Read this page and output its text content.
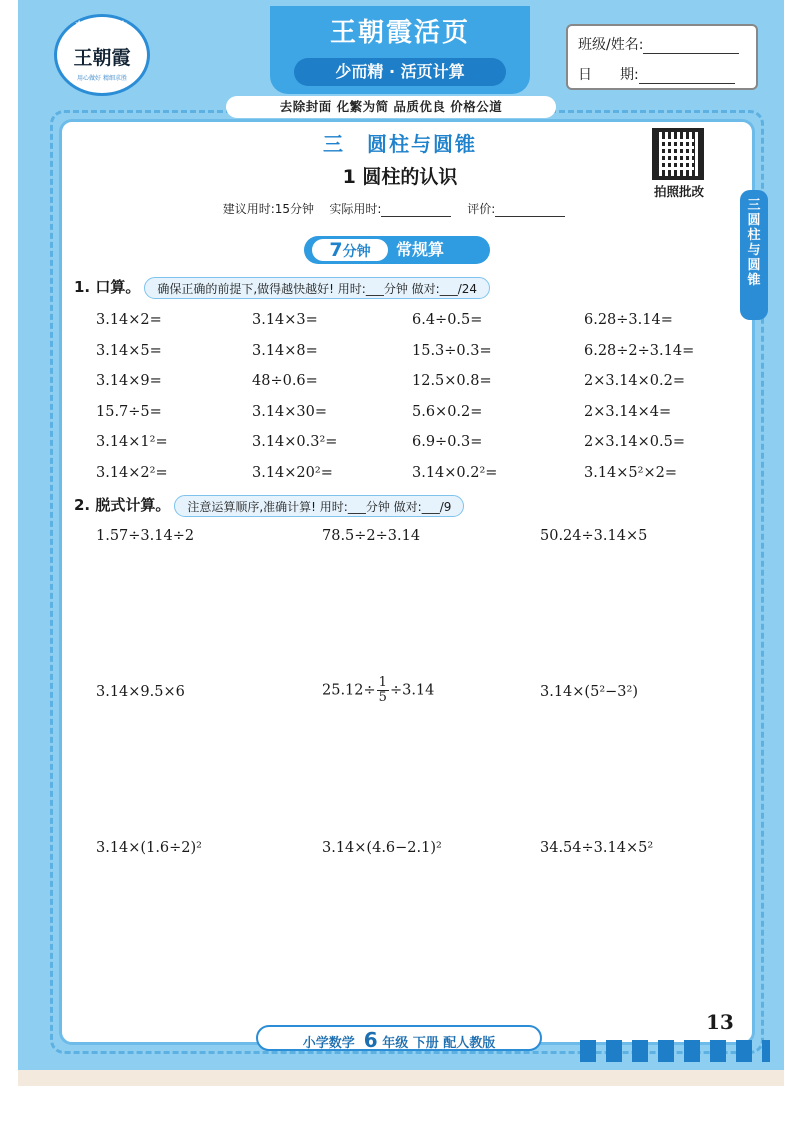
★★★★★
王朝霞
用心做好 精细求胜
王朝霞活页
少而精 · 活页计算
班级/姓名:
日　　期:
去除封面 化繁为简 品质优良 价格公道
三　圆柱与圆锥
1 圆柱的认识
建议用时:15分钟 实际用时:	评价:
拍照批改
三 圆柱与圆锥
7分钟	常规算
1. 口算。 确保正确的前提下,做得越快越好! 用时:___分钟 做对:___/24
3.14×2=	3.14×3=	6.4÷0.5=	6.28÷3.14=
3.14×5=	3.14×8=	15.3÷0.3=	6.28÷2÷3.14=
3.14×9=	48÷0.6=	12.5×0.8=	2×3.14×0.2=
15.7÷5=	3.14×30=	5.6×0.2=	2×3.14×4=
3.14×1²=	3.14×0.3²=	6.9÷0.3=	2×3.14×0.5=
3.14×2²=	3.14×20²=	3.14×0.2²=	3.14×5²×2=
2. 脱式计算。 注意运算顺序,准确计算! 用时:___分钟 做对:___/9
1.57÷3.14÷2	78.5÷2÷3.14	50.24÷3.14×5
3.14×9.5×6	$25.12\div \frac{1}{5} \div 3.14$	3.14×(5²−3²)
3.14×(1.6÷2)²	3.14×(4.6−2.1)²	34.54÷3.14×5²
13
小学数学 6 年级 下册 配人教版
